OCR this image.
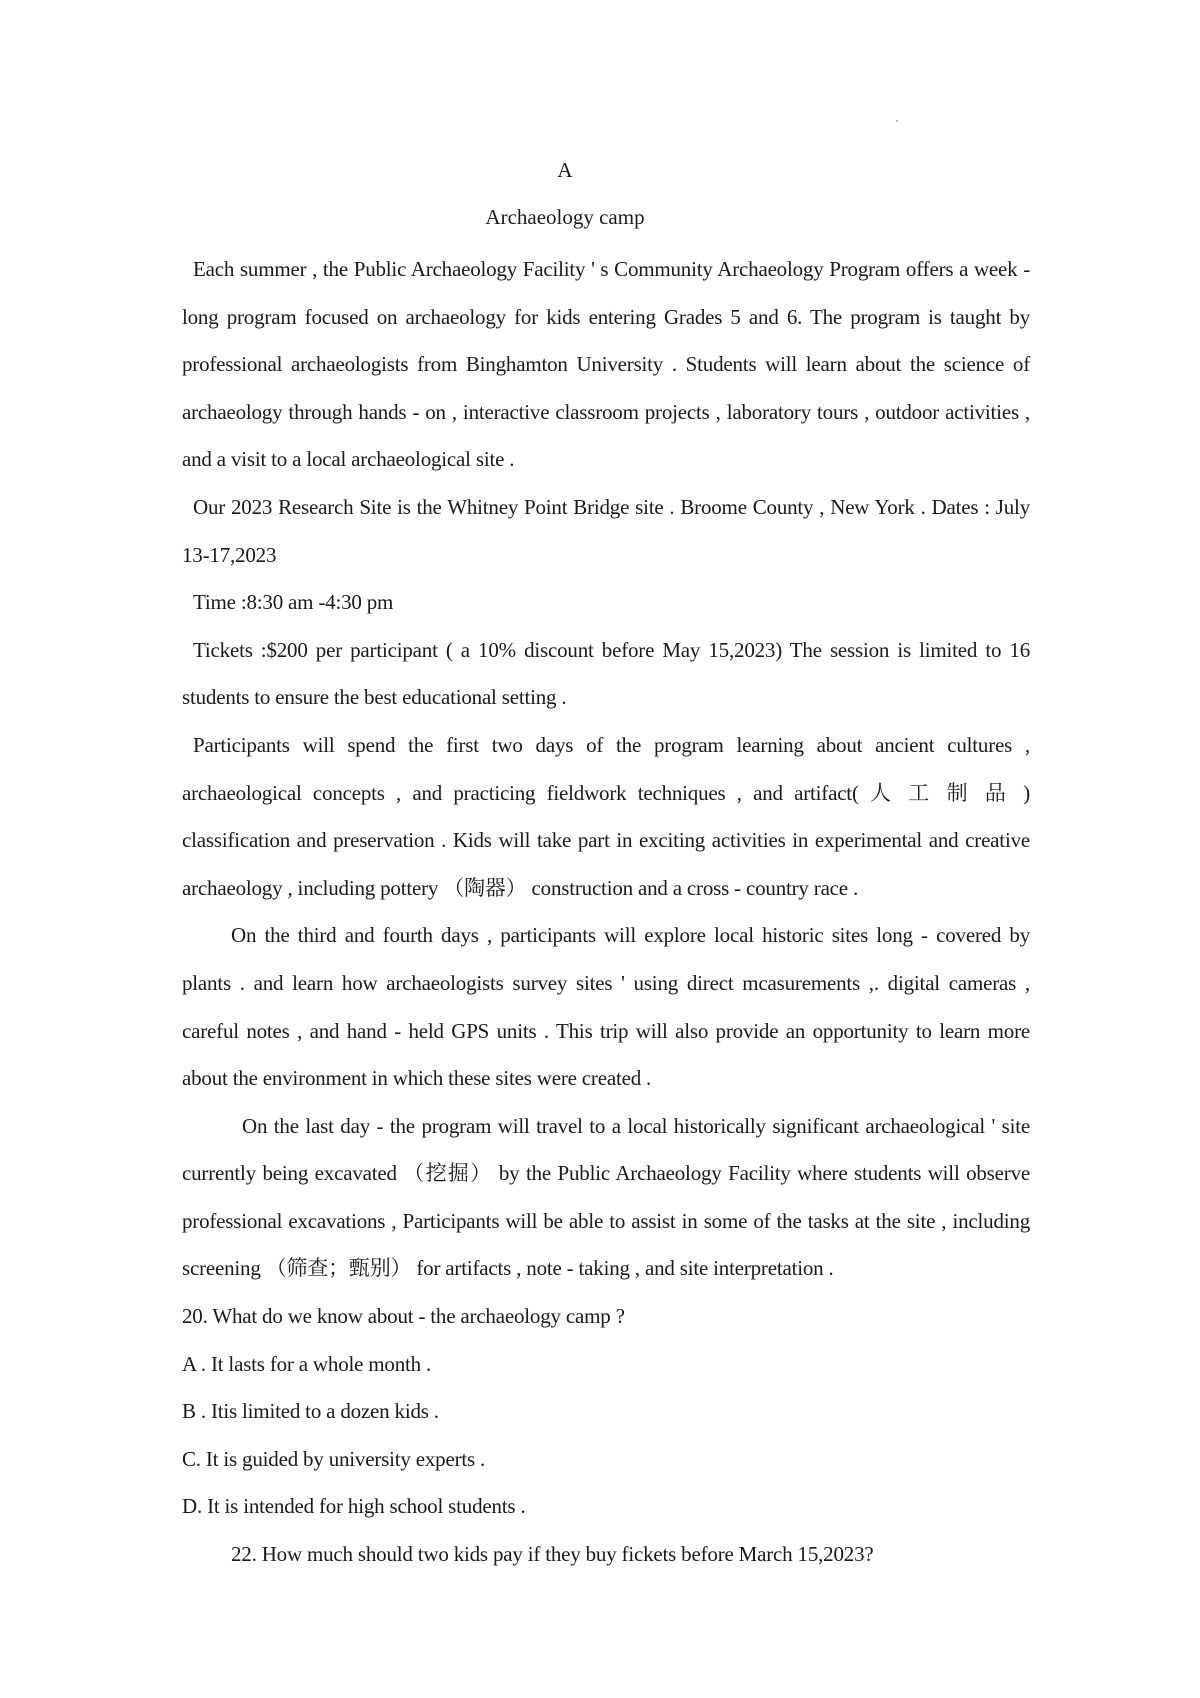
A
Archaeology camp

Each summer , the Public Archaeology Facility ' s Community Archaeology Program offers a week - long program focused on archaeology for kids entering Grades 5 and 6. The program is taught by professional archaeologists from Binghamton University . Students will learn about the science of archaeology through hands - on , interactive classroom projects , laboratory tours , outdoor activities , and a visit to a local archaeological site .

Our 2023 Research Site is the Whitney Point Bridge site . Broome County , New York . Dates : July 13-17,2023

Time :8:30 am -4:30 pm

Tickets :$200 per participant ( a 10% discount before May 15,2023) The session is limited to 16 students to ensure the best educational setting .

Participants will spend the first two days of the program learning about ancient cultures , archaeological concepts , and practicing fieldwork techniques , and artifact( 人 工 制 品 ) classification and preservation . Kids will take part in exciting activities in experimental and creative archaeology , including pottery （陶器） construction and a cross - country race .

On the third and fourth days , participants will explore local historic sites long - covered by plants . and learn how archaeologists survey sites ' using direct mcasurements ,. digital cameras , careful notes , and hand - held GPS units . This trip will also provide an opportunity to learn more about the environment in which these sites were created .

On the last day - the program will travel to a local historically significant archaeological ' site currently being excavated （挖掘） by the Public Archaeology Facility where students will observe professional excavations , Participants will be able to assist in some of the tasks at the site , including screening （筛查；甄别） for artifacts , note - taking , and site interpretation .

20. What do we know about - the archaeology camp ?

A . It lasts for a whole month .

B . Itis limited to a dozen kids .

C. It is guided by university experts .

D. It is intended for high school students .

22. How much should two kids pay if they buy fickets before March 15,2023?
